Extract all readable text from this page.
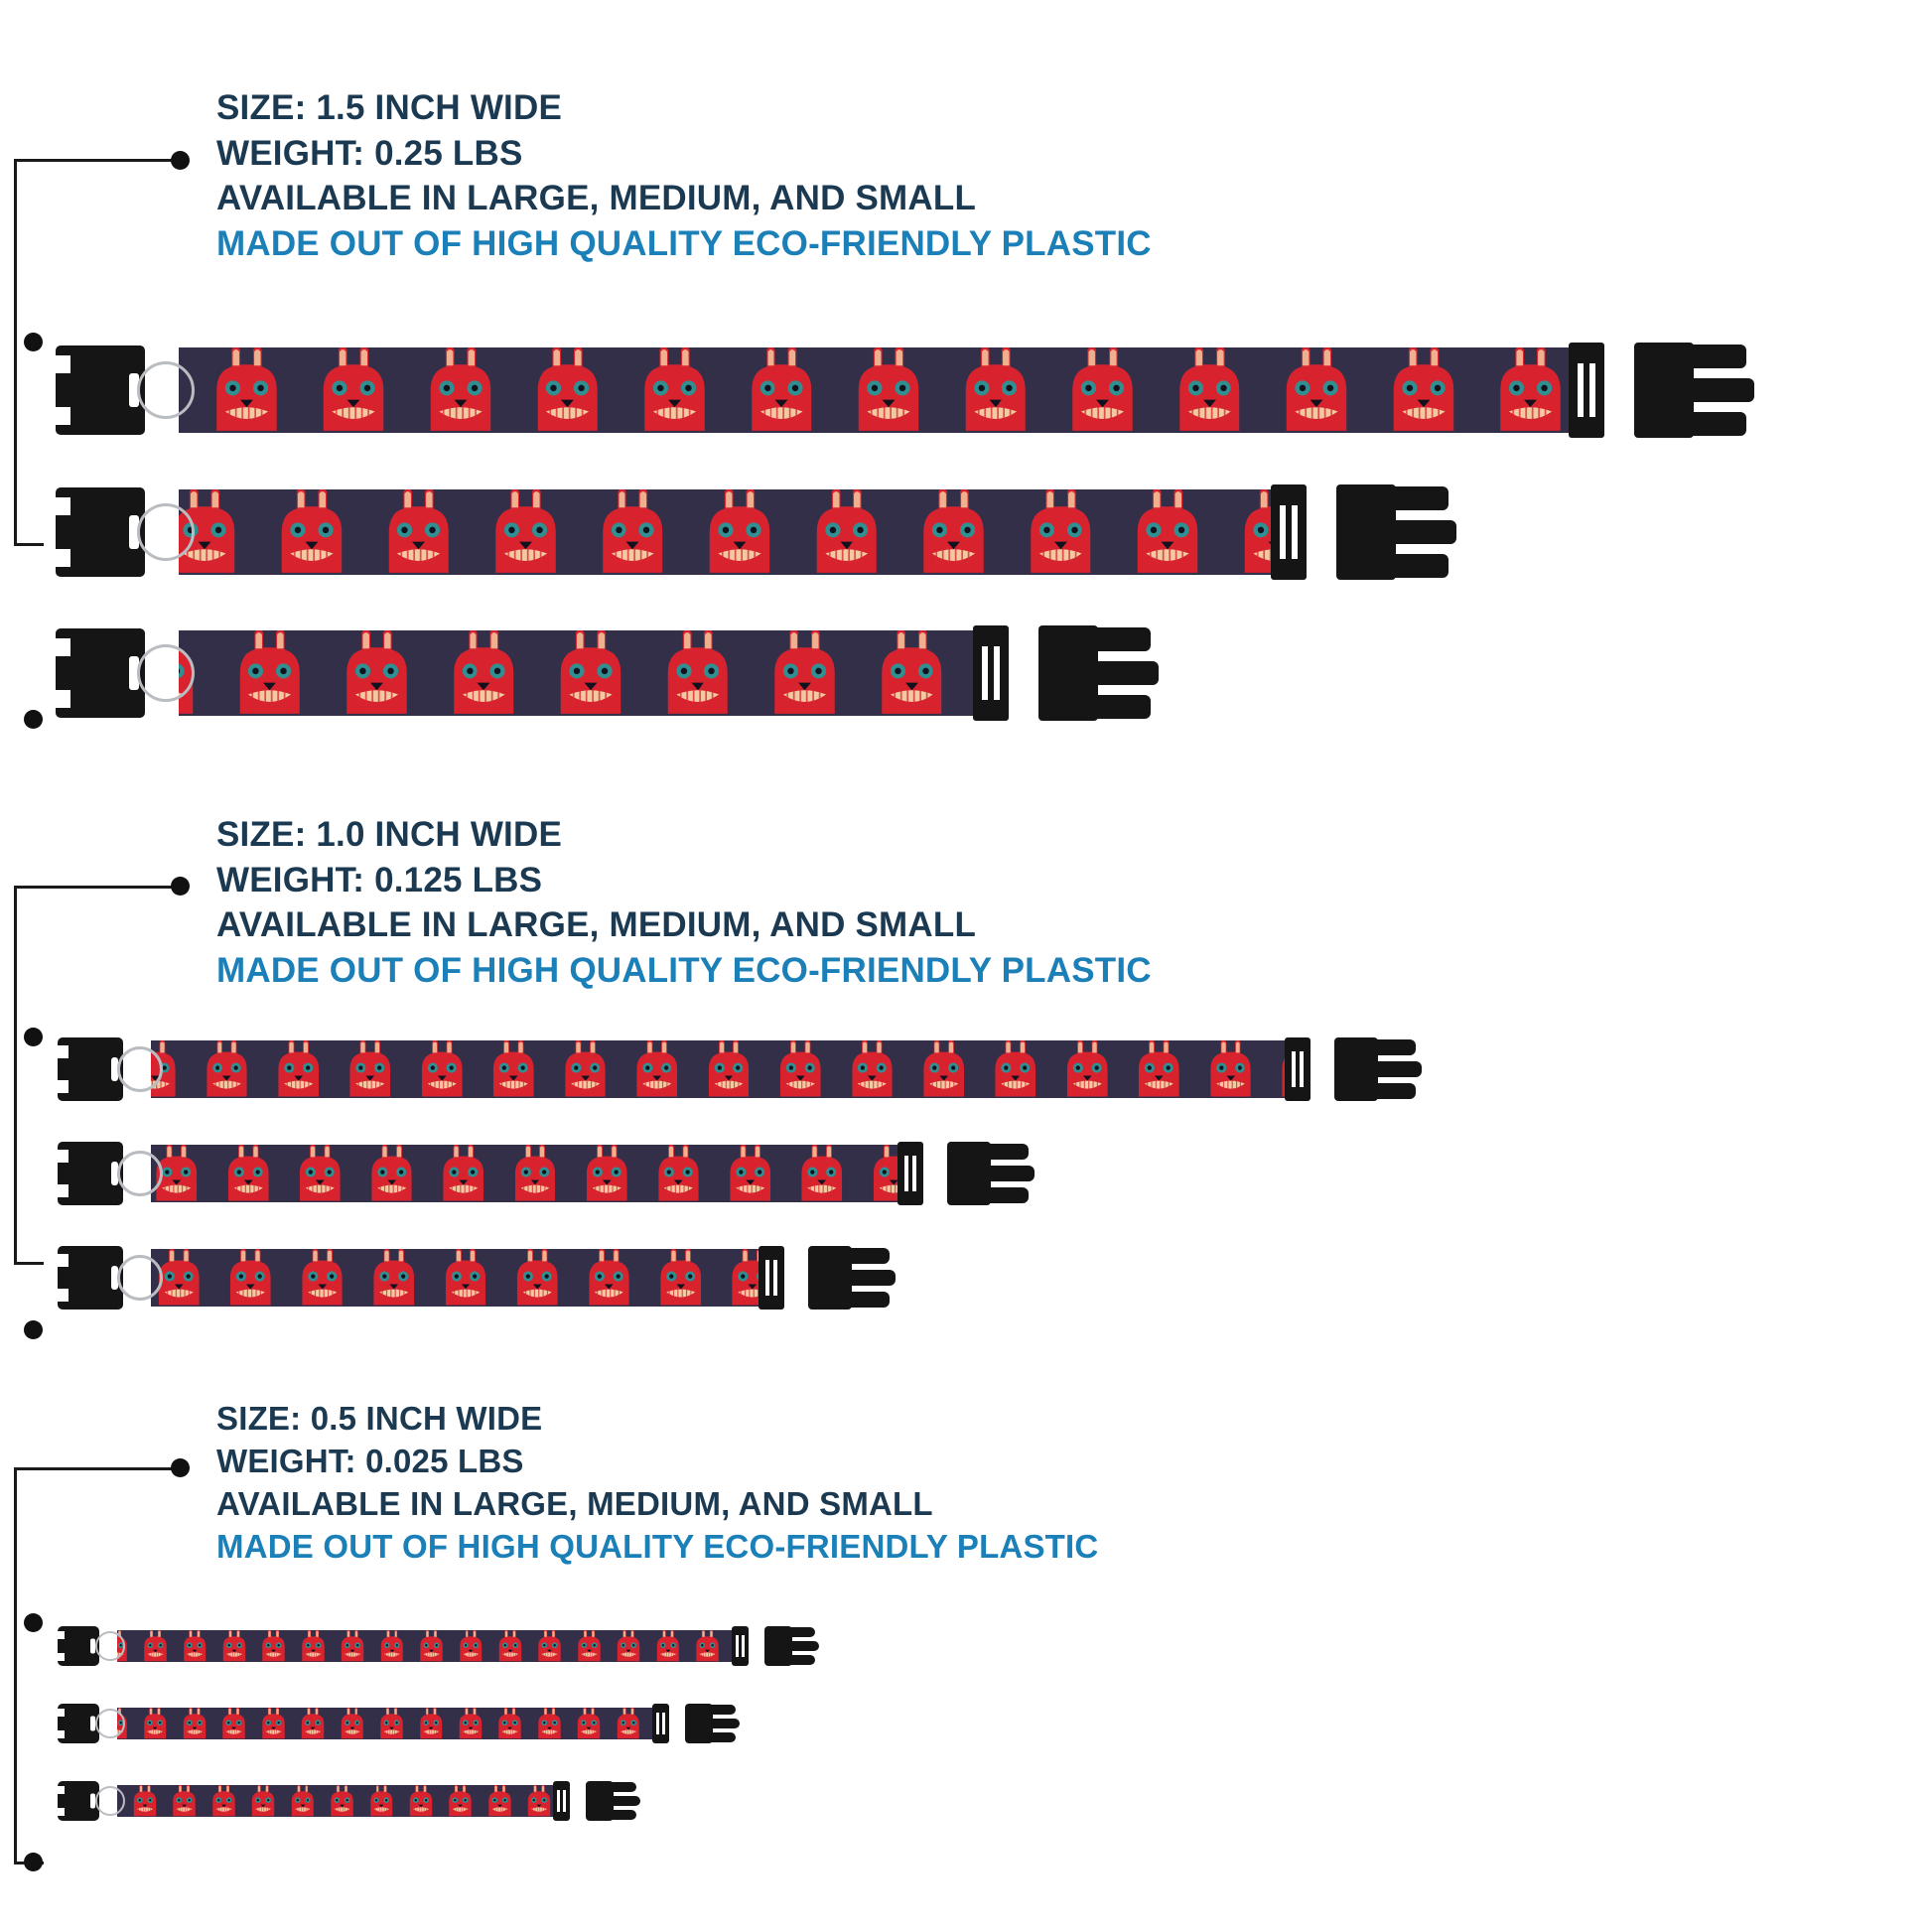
SIZE: 1.5 INCH WIDE
WEIGHT: 0.25 LBS
AVAILABLE IN LARGE, MEDIUM, AND SMALL
MADE OUT OF HIGH QUALITY ECO-FRIENDLY PLASTIC
SIZE: 1.0 INCH WIDE
WEIGHT: 0.125 LBS
AVAILABLE IN LARGE, MEDIUM, AND SMALL
MADE OUT OF HIGH QUALITY ECO-FRIENDLY PLASTIC
SIZE: 0.5 INCH WIDE
WEIGHT: 0.025 LBS
AVAILABLE IN LARGE, MEDIUM, AND SMALL
MADE OUT OF HIGH QUALITY ECO-FRIENDLY PLASTIC
